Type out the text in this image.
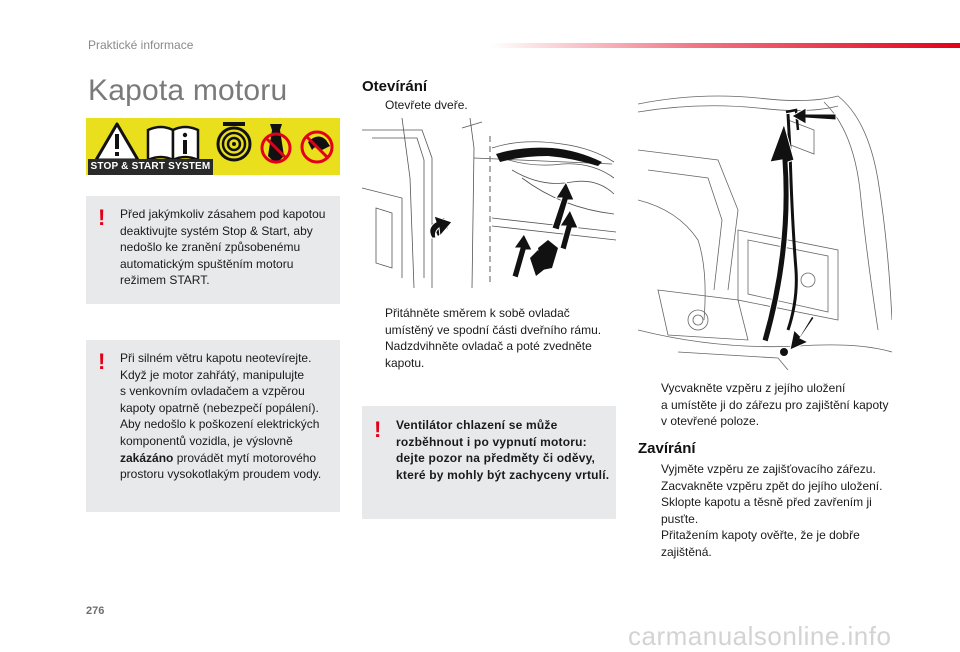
Praktické informace
Kapota motoru
STOP & START SYSTEM
! Před jakýmkoliv zásahem pod kapotou
deaktivujte systém Stop & Start, aby
nedošlo ke zranění způsobenému
automatickým spuštěním motoru
režimem START.
! Při silném větru kapotu neotevírejte.
Když je motor zahřátý, manipulujte
s venkovním ovladačem a vzpěrou
kapoty opatrně (nebezpečí popálení).
Aby nedošlo k poškození elektrických
komponentů vozidla, je výslovně
zakázáno provádět mytí motorového
prostoru vysokotlakým proudem vody.
Otevírání
Otevřete dveře.
Přitáhněte směrem k sobě ovladač
umístěný ve spodní části dveřního rámu.
Nadzdvihněte ovladač a poté zvedněte
kapotu.
! Ventilátor chlazení se může
rozběhnout i po vypnutí motoru:
dejte pozor na předměty či oděvy,
které by mohly být zachyceny vrtulí.
Vycvakněte vzpěru z jejího uložení
a umístěte ji do zářezu pro zajištění kapoty
v otevřené poloze.
Zavírání
Vyjměte vzpěru ze zajišťovacího zářezu.
Zacvakněte vzpěru zpět do jejího uložení.
Sklopte kapotu a těsně před zavřením ji
pusťte.
Přitažením kapoty ověřte, že je dobře
zajištěná.
276
carmanualsonline.info
